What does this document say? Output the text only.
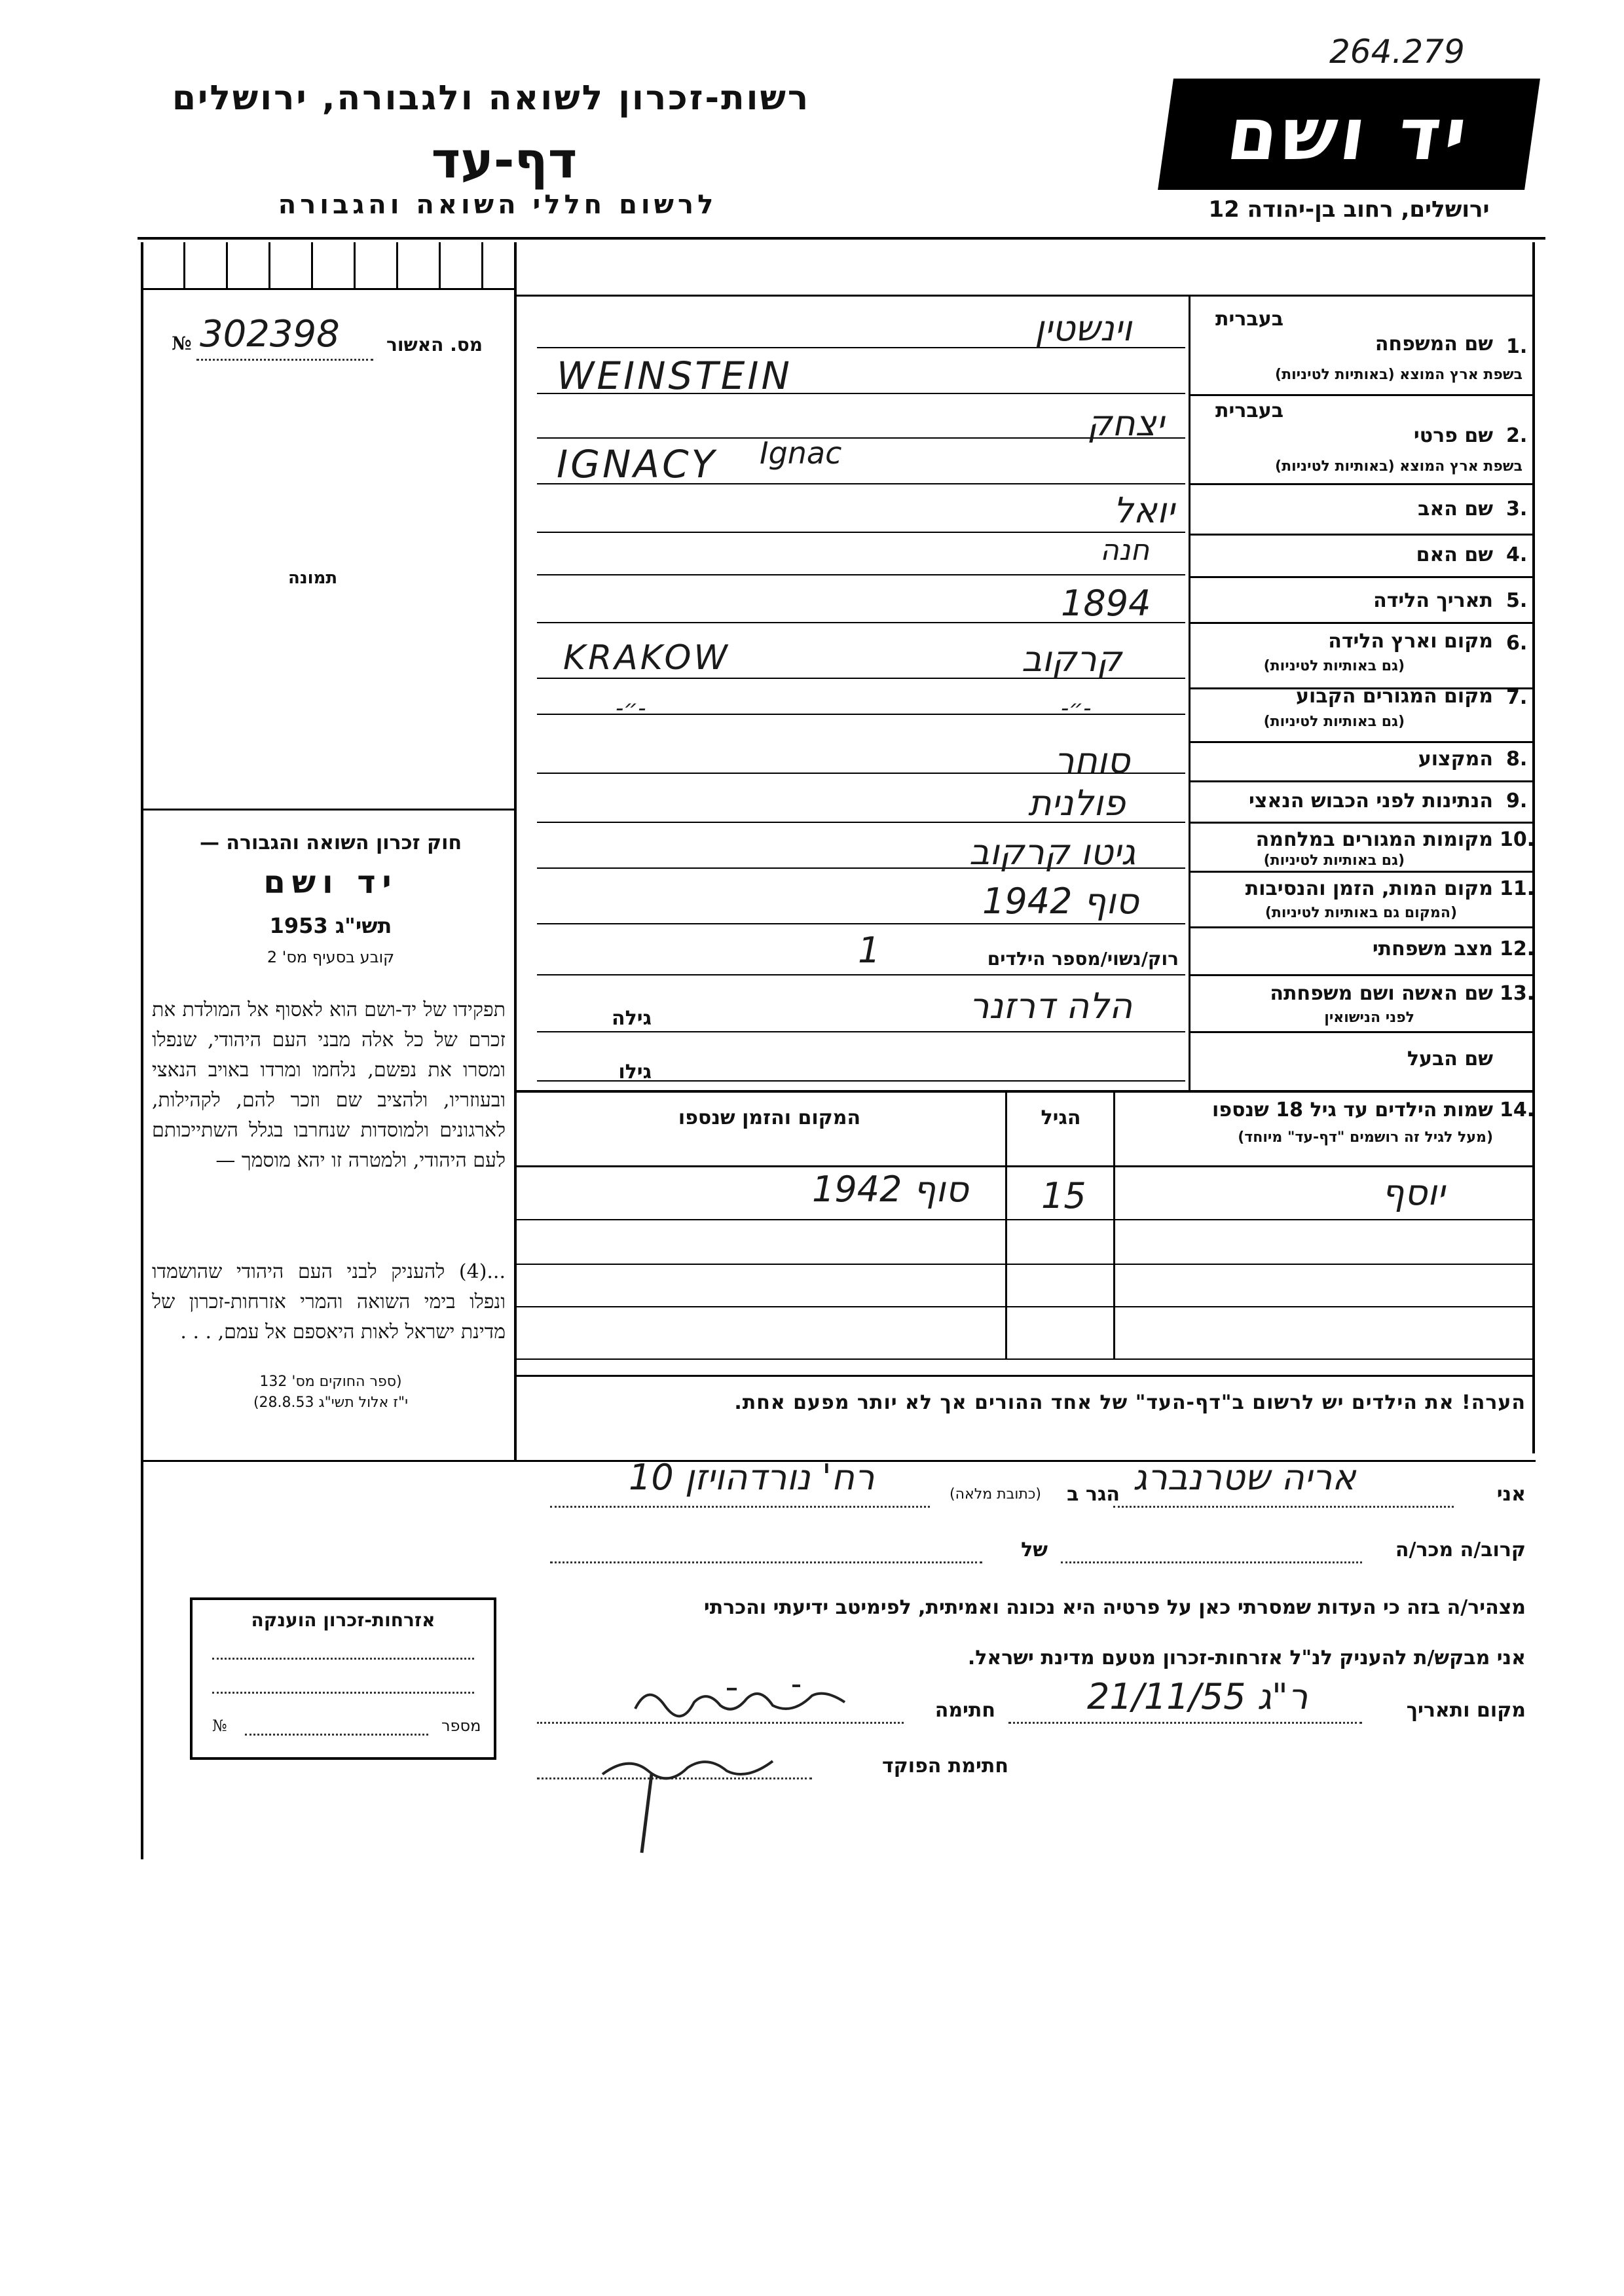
264.279
רשות-זכרון לשואה ולגבורה, ירושלים
דף-עד
לרשום חללי השואה והגבורה
יד ושם
ירושלים, רחוב בן-יהודה 12
מס. האשור
302398
№
תמונה
חוק זכרון השואה והגבורה —
יד ושם
תשי"ג 1953
קובע בסעיף מס' 2
תפקידו של יד-ושם הוא לאסוף אל המולדת את זכרם של כל אלה מבני העם היהודי, שנפלו ומסרו את נפשם, נלחמו ומרדו באויב הנאצי ובעוזריו, ולהציב שם וזכר להם, לקהילות, לארגונים ולמוסדות שנחרבו בגלל השתייכותם לעם היהודי, ולמטרה זו יהא מוסמך —
...(4) להעניק לבני העם היהודי שהושמדו ונפלו בימי השואה והמרי אזרחות-זכרון של מדינת ישראל לאות היאספם אל עמם, . . .
(ספר החוקים מס' 132
י"ז אלול תשי"ג 28.8.53)
אזרחות-זכרון הוענקה
מספר
№
1.
שם המשפחה
בעברית
בשפת ארץ המוצא (באותיות לטיניות)
וינשטין
WEINSTEIN
2.
שם פרטי
בעברית
בשפת ארץ המוצא (באותיות לטיניות)
יצחק
IGNACY Ignac
3.
שם האב
יואל
4.
שם האם
חנה
5.
תאריך הלידה
1894
6.
מקום וארץ הלידה
(גם באותיות לטיניות)
קרקוב
KRAKOW
7.
מקום המגורים הקבוע
(גם באותיות לטיניות)
-״-
-״-
8.
המקצוע
סוחר
9.
הנתינות לפני הכבוש הנאצי
פולנית
10.
מקומות המגורים במלחמה
(גם באותיות לטיניות)
גיטו קרקוב
11.
מקום המות, הזמן והנסיבות
(המקום גם באותיות לטיניות)
סוף 1942
12.
מצב משפחתי
רוק/נשוי/מספר הילדים
1
13.
שם האשה ושם משפחתה
לפני הנישואין
הלה דרזנר
גילה
שם הבעל
גילו
14.
שמות הילדים עד גיל 18 שנספו
(מעל לגיל זה רושמים "דף-עד" מיוחד)
הגיל
המקום והזמן שנספו
יוסף
15
סוף 1942
הערה! את הילדים יש לרשום ב"דף-העד" של אחד ההורים אך לא יותר מפעם אחת.
אני
אריה שטרנברג
הגר ב
(כתובת מלאה)
רח' נורדהויזן 10
קרוב/ה מכר/ה
של
מצהיר/ה בזה כי העדות שמסרתי כאן על פרטיה היא נכונה ואמיתית, לפימיטב ידיעתי והכרתי
אני מבקש/ת להעניק לנ"ל אזרחות-זכרון מטעם מדינת ישראל.
מקום ותאריך
ר"ג 21/11/55
חתימה
חתימת הפוקד
